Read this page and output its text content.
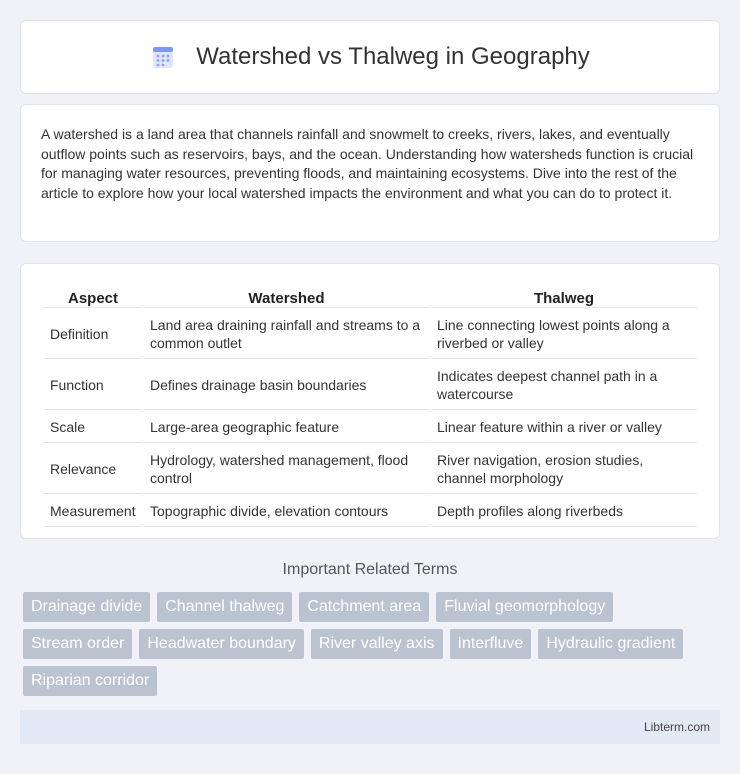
Watershed vs Thalweg in Geography

A watershed is a land area that channels rainfall and snowmelt to creeks, rivers, lakes, and eventually outflow points such as reservoirs, bays, and the ocean. Understanding how watersheds function is crucial for managing water resources, preventing floods, and maintaining ecosystems. Dive into the rest of the article to explore how your local watershed impacts the environment and what you can do to protect it.

Aspect	Watershed	Thalweg
Definition	Land area draining rainfall and streams to a common outlet	Line connecting lowest points along a riverbed or valley
Function	Defines drainage basin boundaries	Indicates deepest channel path in a watercourse
Scale	Large-area geographic feature	Linear feature within a river or valley
Relevance	Hydrology, watershed management, flood control	River navigation, erosion studies, channel morphology
Measurement	Topographic divide, elevation contours	Depth profiles along riverbeds
Important Related Terms
Drainage divide	Channel thalweg	Catchment area	Fluvial geomorphology
Stream order	Headwater boundary	River valley axis	Interfluve	Hydraulic gradient
Riparian corridor
Libterm.com
